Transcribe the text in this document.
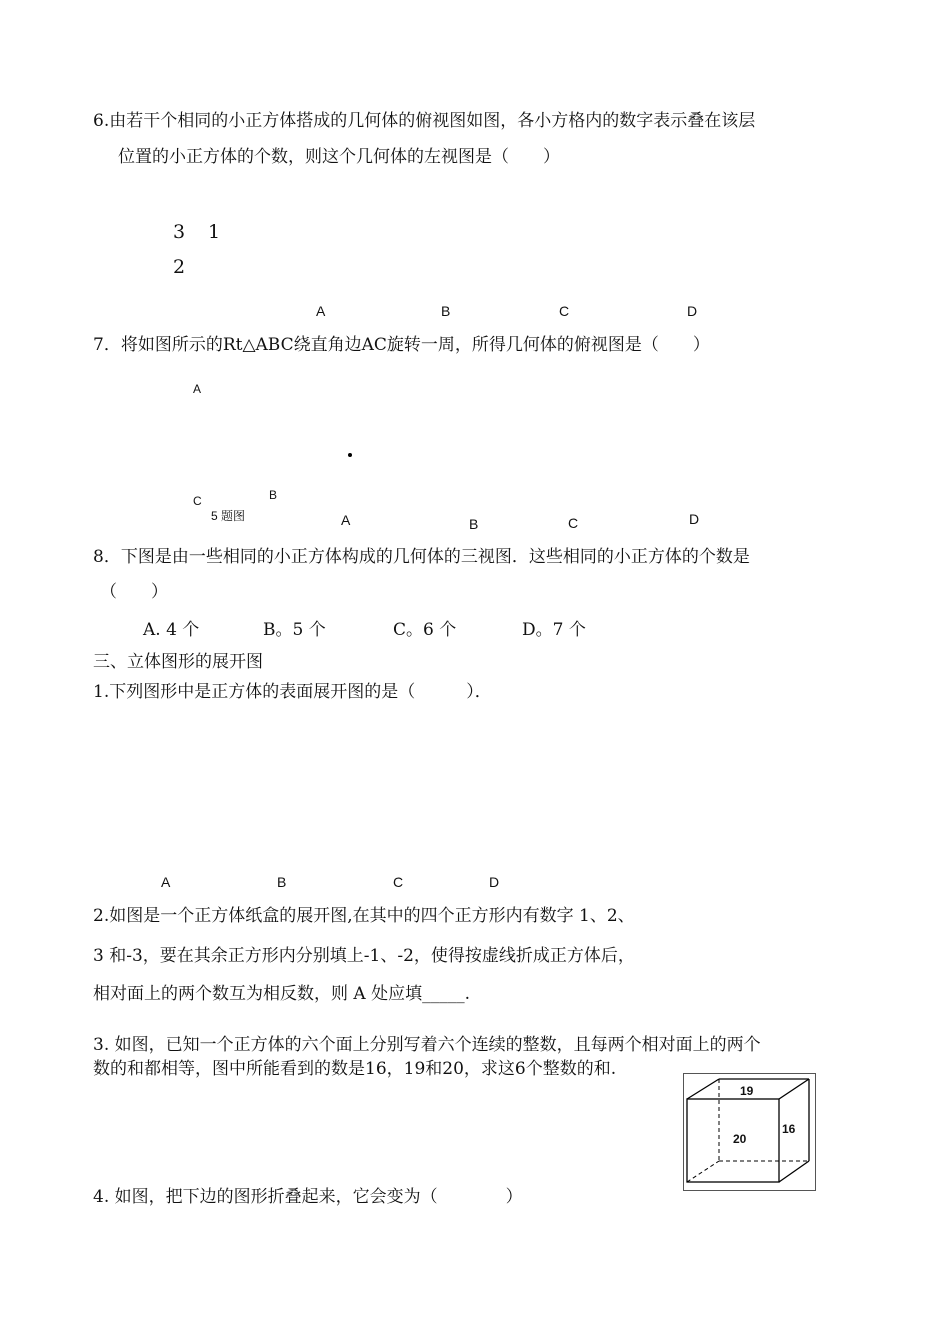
6.由若干个相同的小正方体搭成的几何体的俯视图如图，各小方格内的数字表示叠在该层
位置的小正方体的个数，则这个几何体的左视图是（　　）
3 1
2
A	B	C	D
7．将如图所示的Rt△ABC绕直角边AC旋转一周，所得几何体的俯视图是（　　）
A
B
C
5 题图	A	B	C	D
8．下图是由一些相同的小正方体构成的几何体的三视图．这些相同的小正方体的个数是
（　　）
A. 4 个	B。5 个	C。6 个	D。7 个
三、立体图形的展开图
1.下列图形中是正方体的表面展开图的是（　　　）．
A	B	C	D
2.如图是一个正方体纸盒的展开图,在其中的四个正方形内有数字 1、2、
3 和-3，要在其余正方形内分别填上-1、-2，使得按虚线折成正方体后，
相对面上的两个数互为相反数，则 A 处应填_____.
3. 如图，已知一个正方体的六个面上分别写着六个连续的整数，且每两个相对面上的两个
数的和都相等，图中所能看到的数是16，19和20，求这6个整数的和.
19
20
16
4. 如图，把下边的图形折叠起来，它会变为（　　　　）
